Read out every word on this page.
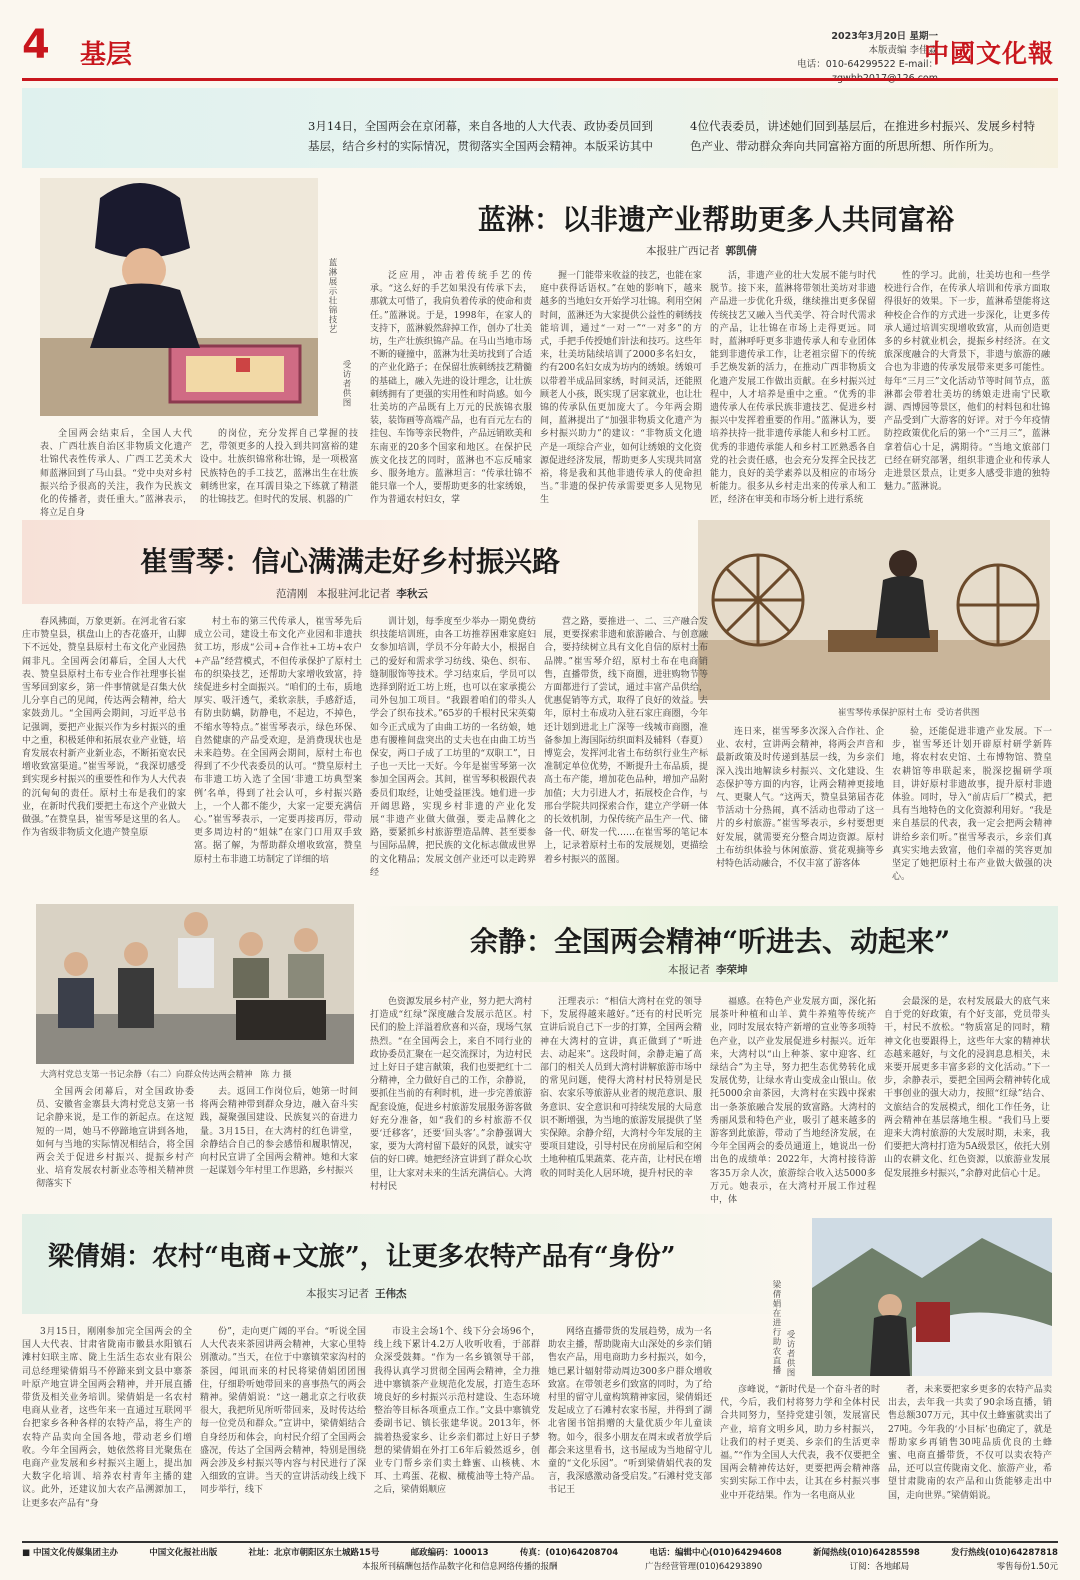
4 基层
2023年3月20日 星期一
本版责编 李佳霖
电话：010-64299522 E-mail：
中國文化報

3月14日，全国两会在京闭幕，来自各地的人大代表、政协委员回到基层，结合乡村的实际情况，贯彻落实全国两会精神。本版采访其中

4位代表委员，讲述她们回到基层后，在推进乡村振兴、发展乡村特色产业、带动群众奔向共同富裕方面的所思所想、所作所为。

蓝淋展示壮锦技艺
受访者供图
蓝淋：以非遗产业帮助更多人共同富裕
本报驻广西记者 郭凯倩

全国两会结束后，全国人大代表、广西壮族自治区非物质文化遗产壮锦代表性传承人、广西工艺美术大师蓝淋回到了马山县。“党中央对乡村振兴给予很高的关注，我作为民族文化的传播者，责任重大。”蓝淋表示，将立足自身

的岗位，充分发挥自己掌握的技艺，带领更多的人投入到共同富裕的建设中。壮族织锦常称壮锦，是一项极富民族特色的手工技艺，蓝淋出生在壮族刺绣世家，在耳濡目染之下练就了精湛的壮锦技艺。但时代的发展、机器的广

泛应用，冲击着传统手艺的传承。“这么好的手艺如果没有传承下去，那就太可惜了，我肩负着传承的使命和责任。”蓝淋说。于是，1998年，在家人的支持下，蓝淋毅然辞掉工作，创办了壮美坊，生产壮族织锦产品。在马山当地市场不断的碰撞中，蓝淋为壮美坊找到了合适的产业化路子；在保留壮族刺绣技艺精髓的基础上，融入先进的设计理念，让壮族刺绣拥有了更强的实用性和时尚感。如今壮美坊的产品既有上万元的民族锦衣服装，装饰画等高端产品，也有百元左右的挂包、车饰等亲民物件，产品远销欧美和东南亚的20多个国家和地区。在保护民族文化技艺的同时，蓝淋也不忘反哺家乡、服务地方。蓝淋坦言：“传承壮锦不能只靠一个人，要帮助更多的壮家绣娘，作为普通农村妇女，掌

握一门能带来收益的技艺，也能在家庭中获得话语权。”在她的影响下，越来越多的当地妇女开始学习壮锦。利用空闲时间，蓝淋还为大家提供公益性的刺绣技能培训，通过“一对一”“一对多”的方式，手把手传授她们针法和技巧。这些年来，壮美坊陆续培训了2000多名妇女，约有200名妇女成为坊内的绣娘。绣娘可以带着半成品回家绣，时间灵活，还能照顾老人小孩，既实现了居家就业，也让壮锦的传承队伍更加庞大了。今年两会期间，蓝淋提出了“加强非物质文化遗产为乡村振兴助力”的建议：“非物质文化遗产是一项综合产业，如何让绣娘的文化资源促进经济发展，帮助更多人实现共同富裕，将是我和其他非遗传承人的使命担当。”非遗的保护传承需要更多人见物见生

活，非遗产业的壮大发展不能与时代脱节。接下来，蓝淋将带领壮美坊对非遗产品进一步优化升级，继续推出更多保留传统技艺又融入当代美学、符合时代需求的产品，让壮锦在市场上走得更远。同时，蓝淋呼吁更多非遗传承人和专业团体能到非遗传承工作，让老祖宗留下的传统手艺焕发新的活力，在推动广西非物质文化遗产发展工作做出贡献。在乡村振兴过程中，人才培养是重中之重。“优秀的非遗传承人在传承民族非遗技艺、促进乡村振兴中发挥着重要的作用。”蓝淋认为，要培养扶持一批非遗传承能人和乡村工匠。优秀的非遗传承能人和乡村工匠熟悉各自党的社会责任感，也会充分发挥全民技艺能力，良好的美学素养以及相应的市场分析能力。很多从乡村走出来的传承人和工匠，经济在审美和市场分析上进行系统

性的学习。此前，壮美坊也和一些学校进行合作，在传承人培训和传承方面取得很好的效果。下一步，蓝淋希望能将这种校企合作的方式进一步深化，让更多传承人通过培训实现增收致富，从而创造更多的乡村就业机会，提振乡村经济。在文旅深度融合的大背景下，非遗与旅游的融合也为非遗的传承发展带来更多可能性。每年“三月三”文化活动节等时间节点，蓝淋都会带着壮美坊的绣娘走进南宁民歌湖、西博园等景区，他们的村料包和壮锦产品受到广大游客的好评。对于今年疫情防控政策优化后的第一个“三月三”，蓝淋拿着信心十足，满期待。“当地文旅部门已经在研究部署，组织非遗企业和传承人走进景区景点，让更多人感受非遗的独特魅力。”蓝淋说。

崔雪琴：信心满满走好乡村振兴路
范清刚 本报驻河北记者 李秋云
崔雪琴传承保护原村土布 受访者供图

春风拂面，万象更新。在河北省石家庄市赞皇县，棋盘山上的杏花盛开，山脚下不远处，赞皇县原村土布文化产业园热闹非凡。全国两会闭幕后，全国人大代表、赞皇县原村土布专业合作社理事长崔雪琴回到家乡，第一件事情就是召集大伙儿分享自己的见闻，传达两会精神，给大家鼓劲儿。“全国两会期间，习近平总书记强调，要把产业振兴作为乡村振兴的重中之重，积极延伸和拓展农业产业链，培育发展农村新产业新业态，不断拓宽农民增收致富渠道。”崔雪琴说，“我深切感受到实现乡村振兴的重要性和作为人大代表的沉甸甸的责任。原村土布是我们的家业，在新时代我们要把土布这个产业做大做强。”在赞皇县，崔雪琴是这里的名人。作为省级非物质文化遗产赞皇原

村土布的第三代传承人，崔雪琴先后成立公司，建设土布文化产业园和非遗扶贫工坊，形成“公司+合作社+工坊+农户+产品”经营模式，不但传承保护了原村土布的织染技艺，还帮助大家增收致富，持续促进乡村全面振兴。“咱们的土布，质地厚实、吸汗透气，柔软亲肤，手感舒适，有防虫防螨，防静电，不起边，不掉色，不缩水等特点。”崔雪琴表示，绿色环保、自然健康的产品受欢迎，是消费现状也是未来趋势。在全国两会期间，原村土布也得到了不少代表委员的认可。“赞皇原村土布非遗工坊入选了全国‘非遗工坊典型案例’名单，得到了社会认可，乡村振兴路上，一个人都不能少，大家一定要充满信心。”崔雪琴表示，一定要再接再厉，带动更多周边村的“姐妹”在家门口用双手致富。据了解，为帮助群众增收致富，赞皇原村土布非遗工坊制定了详细的培

训计划，每季度至少举办一期免费纺织技能培训班，由各工坊推荐困难家庭妇女参加培训，学员不分年龄大小，根据自己的爱好和需求学习纺线、染色、织布、缝制服饰等技术。学习结束后，学员可以选择到附近工坊上班，也可以在家承揽公司外包加工项目。“我跟着咱们的带头人学会了织布技术。”65岁的千根村民宋英菊如今正式成为了由曲工坊的一名纺娘，她患有腰椎间盘突出的丈夫也在由曲工坊当保安，两口子成了工坊里的“双职工”，日子也一天比一天好。今年是崔雪琴第一次参加全国两会。其间，崔雪琴积极跟代表委员们取经，让她受益匪浅。她们进一步开阔思路，实现乡村非遗的产业化发展“非遗产业做大做强，要走品牌化之路，要紧抓乡村旅游塑造品牌、甚至要参与国际品牌，把民族的文化标志做成世界的文化精品；发展文创产业还可以走跨界经

营之路，要推进一、二、三产融合发展，更要探索非遗和旅游融合、与创意融合，要持续树立具有文化自信的原村土布品牌。”崔雪琴介绍，原村土布在电商销售，直播带货，线下商圈，进驻购物节等方面都进行了尝试，通过丰富产品供给，优惠促销等方式，取得了良好的效益。去年，原村土布成功入驻石家庄商圈，今年还计划到进北上广深等一线城市商圈，准备参加上海国际纺织面料及辅料（春夏）博览会，发挥河北省土布纺织行业生产标准制定单位优势，不断提升土布品质，提高土布产能，增加花色品种，增加产品附加值；大力引进人才，拓展校企合作，与邢台学院共同探索合作，建立产学研一体的长效机制，力保传统产品生产一代、储备一代、研发一代……在崔雪琴的笔记本上，记录着原村土布的发展规划，更描绘着乡村振兴的蓝图。

连日来，崔雪琴多次深入合作社、企业、农村，宣讲两会精神，将两会声音和最新政策及时传递到基层一线，为乡亲们深入浅出地解读乡村振兴、文化建设、生态保护等方面的内容，让两会精神更接地气、更聚人气。“这两天，赞皇县第届杏花节活动十分热闹，真不活动也带动了这一片的乡村旅游。”崔雪琴表示，乡村要想更好发展，就需要充分整合周边资源。原村土布纺织体验与休闲旅游、赏花观摘等乡村特色活动融合，不仅丰富了游客体

验，还能促进非遗产业发展。下一步，崔雪琴还计划开辟原村研学新阵地，将农村农史馆、土布博物馆、赞皇农耕馆等串联起来，脱深挖掘研学项目，讲好原村非遗故事，提升原村非遗体验。同时，导入“前店后厂”模式，把具有当地特色的文化资源利用好。“我是来自基层的代表，我一定会把两会精神讲给乡亲们听。”崔雪琴表示，乡亲们真真实实地去致富，他们幸福的笑容更加坚定了她把原村土布产业做大做强的决心。

余静：全国两会精神“听进去、动起来”
本报记者 李荣坤
大湾村党总支第一书记余静（右二）向群众传达两会精神 陈 力 摄

全国两会闭幕后，对全国政协委员、安徽省金寨县大湾村党总支第一书记余静来说，是工作的新起点。在这短短的一周，她马不停蹄地宣讲到各地，如何与当地的实际情况相结合，将全国两会关于促进乡村振兴、提振乡村产业、培育发展农村新业态等相关精神贯彻落实下

去。返回工作岗位后，她第一时间将两会精神带到群众身边，融入奋斗实践，凝聚强国建设、民族复兴的奋进力量。3月15日，在大湾村的红色讲堂，余静结合自己的参会感悟和履职情况，向村民宣讲了全国两会精神。她和大家一起谋划今年村里工作思路，乡村振兴

色资源发展乡村产业，努力把大湾村打造成“红绿”深度融合发展示范区。村民们的脸上洋溢着欣喜和兴奋，现场气氛热烈。“在全国两会上，来自不同行业的政协委员汇聚在一起交流探讨，为边村民过上好日子建言献策，我们也要把红十二分精神，全力做好自己的工作，余静说，要抓住当前的有利时机，进一步完善旅游配套设施，促进乡村旅游发展服务游客做好充分准备，如“我们的乡村旅游不仅要‘迁移客’，还要‘回头客’。”余静强调大家，要为大湾村留下最好的风景，诚实守信的好口碑。她把经济宣讲到了群众心坎里，让大家对未来的生活充满信心。大湾村村民

汪理表示：“相信大湾村在党的领导下，发展得越来越好。”还有的村民听完宣讲后说自己下一步的打算，全国两会精神在大湾村的宣讲，真正做到了“听进去、动起来”。这段时间，余静走遍了高部门的相关人员到大湾村讲解旅游市场中的常见问题，使得大湾村村民特别是民宿、农家乐等旅游从业者的规范意识、服务意识、安全意识和可持续发展的大局意识不断增强，为当地的旅游发展提供了坚实保障。余静介绍，大湾村今年发展的主要项目建设，引导村民在房前屋后和空闲土地种植瓜果蔬菜、花卉苗，让村民在增收的同时美化人居环境，提升村民的幸

福感。在特色产业发展方面，深化拓展茶叶种植和山羊、黄牛养殖等传统产业，同时发展农特产新增的宣业等多项特色产业，以产业发展促进乡村振兴。近年来，大湾村以“山上种茶、家中迎客、红绿结合”为主导，努力把生态优势转化成发展优势，让绿水青山变成金山银山。依托5000余亩茶园，大湾村在实践中探索出一条茶旅融合发展的致富路。大湾村的秀丽风景和特色产业，吸引了越来越多的游客到此旅游，带动了当地经济发展，在今年全国两会的委员通道上，她说出一份出色的成绩单：2022年，大湾村接待游客35万余人次，旅游综合收入达5000多万元。她表示，在大湾村开展工作过程中，体

会最深的是，农村发展最大的底气来自于党的好政策，有个好支部，党员带头干，村民不放松。“物质富足的同时，精神文化也要跟得上，这些年大家的精神状态越来越好，与文化的浸润息息相关，未来要开展更多丰富多彩的文化活动。”下一步，余静表示，要把全国两会精神转化成干事创业的强大动力，按照“红绿”结合、文旅结合的发展模式，细化工作任务，让两会精神在基层落地生根。“我们马上要迎来大湾村旅游的大发展时期，未来，我们要把大湾村打造为5A级景区，依托大别山的农耕文化、红色资源，以旅游业发展促发展推乡村振兴，”余静对此信心十足。

梁倩娟：农村“电商+文旅”，让更多农特产品有“身份”
本报实习记者 王伟杰	梁倩娟在进行助农直播 受访者供图

3月15日，刚刚参加完全国两会的全国人大代表、甘肃省陇南市徽县水阳镇石滩村妇联主席、陇上生活生态农业有限公司总经理梁倩娟马不停蹄来到文县中寨茶叶原产地宣讲全国两会精神，并开展直播带货及相关业务培训。梁倩娟是一名农村电商从业者，这些年来一直通过互联网平台把家乡各种各样的农特产品，将生产的农特产品卖向全国各地，带动老乡们增收。今年全国两会，她依然将目光聚焦在电商产业发展和乡村振兴主题上，提出加大数字化培训、培养农村青年主播的建议。此外，还建议加大农产品溯源加工，让更多农产品有“身

份”，走向更广阔的平台。“听说全国人大代表来茶园讲两会精神，大家心里特别激动。”当天，在位于中寨镇荣家沟村的茶园，闻讯而来的村民将梁倩娟团团围住，仔细聆听她带回来的喜事热气的两会精神。梁倩娟说：“这一趟北京之行收获很大，我把所见所听带回来，及时传达给每一位党员和群众。”宣讲中，梁倩娟结合自身经历和体会，向村民介绍了全国两会盛况，传达了全国两会精神，特别是围绕两会涉及乡村振兴等内容与村民进行了深入细致的宣讲。当天的宣讲活动线上线下同步举行，线下

市设主会场1个、线下分会场96个，线上线下累计4.2万人收听收看，于部群众深受鼓舞。“作为一名乡镇领导干部，我得认真学习贯彻全国两会精神，全力推进中寨镇茶产业规范化发展，打造生态环境良好的乡村振兴示范村建设、生态环境整治等目标各项重点工作。”文县中寨镇党委副书记、镇长张建华说。2013年，怀揣着热爱家乡、让乡亲们都过上好日子梦想的梁倩娟在外打工6年后毅然返乡，创业专门帮乡亲们卖土蜂蜜、山核桃、木耳、土鸡蛋、花椒、橄榄油等土特产品。之后，梁倩娟顺应

网络直播带货的发展趋势，成为一名助农主播，帮助陇南大山深处的乡亲们销售农产品，用电商助力乡村振兴，如今，她已累计辐射带动周边300多户群众增收致富。在带领老乡们致富的同时，为了给村里的留守儿童构筑精神家园，梁倩娟还发起成立了石滩村农家书屋，并得到了湖北省图书馆捐赠的大量优质少年儿童读物。如今，很多小朋友在周末或者放学后都会来这里看书，这书屋成为当地留守儿童的“文化乐园”。“听到梁倩娟代表的发言，我深感激动备受启发。”石滩村党支部书记王

彦峰说，“新时代是一个奋斗者的时代，今后，我们村将努力学和全体村民合共同努力，坚持党建引领，发展富民产业，培育文明乡风，助力乡村振兴，让我们的村子更美、乡亲们的生活更幸福。”“作为全国人大代表，我不仅要把全国两会精神传达好，更要把两会精神落实到实际工作中去，让其在乡村振兴事业中开花结果。作为一名电商从业

者，未来要把家乡更多的农特产品卖出去，去年我一共卖了90余场直播，销售总额307万元，其中仅土蜂蜜就卖出了27吨。今年我的‘小目标’也确定了，就是帮助家乡再销售30吨品质优良的土蜂蜜、电商直播带货，不仅可以卖农特产品，还可以宣传陇南文化、旅游产业，希望甘肃陇南的农产品和山货能够走出中国，走向世界。”梁倩娟说。

■ 中国文化传媒集团主办	中国文化报社出版	社址：北京市朝阳区东土城路15号	邮政编码：100013	传真：(010)64208704	电话：编辑中心(010)64294608	新闻热线(010)64285598	发行热线(010)64287818
本报所刊稿酬包括作品数字化和信息网络传播的报酬	广告经营管理(010)64293890	订阅：各地邮局	零售每份1.50元
